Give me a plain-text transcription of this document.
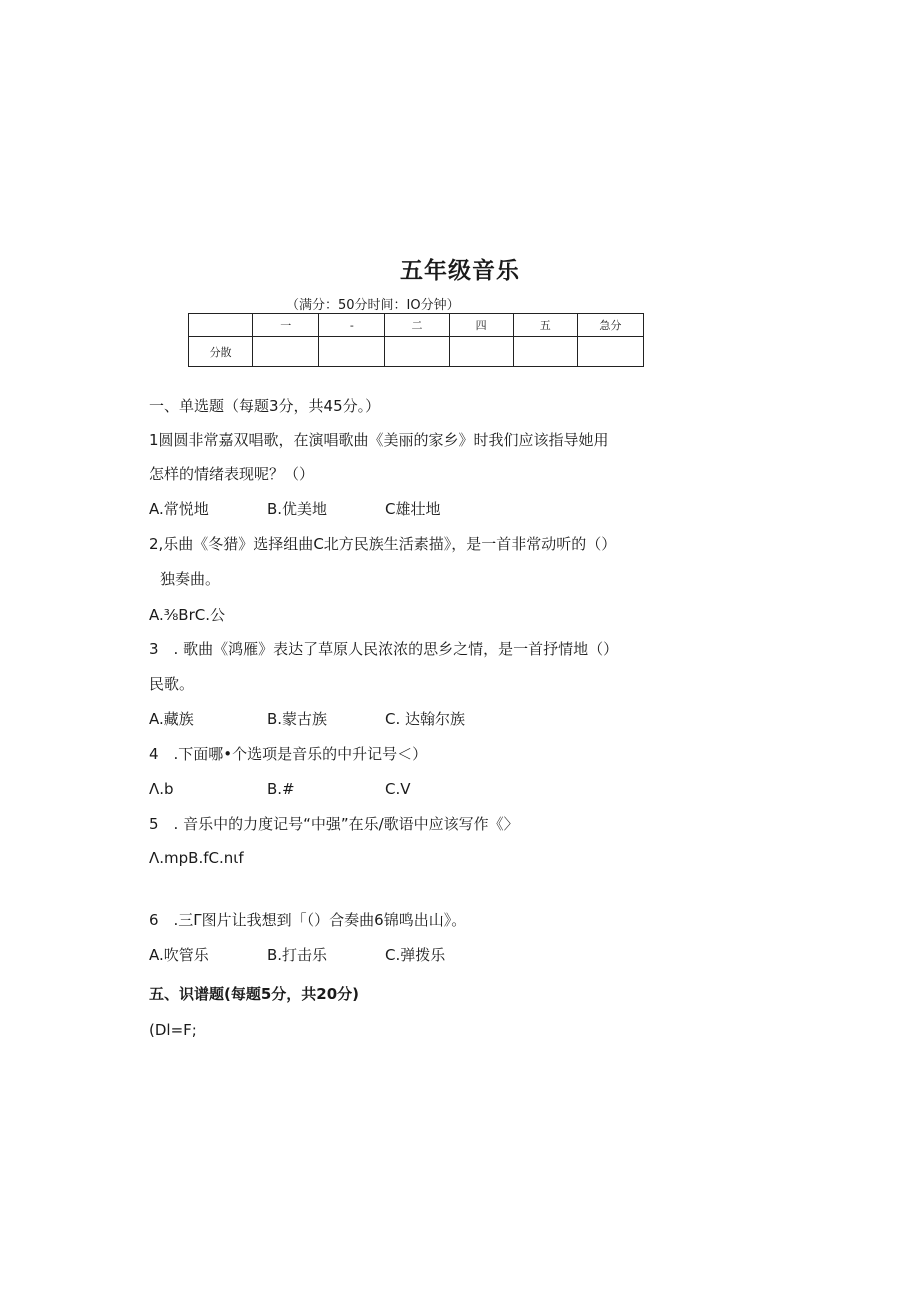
五年级音乐
（满分：50分时间：IO分钟）
	一	-	二	四	五	急分
分散						
一、单选题（每题3分，共45分。）
1圆圆非常嘉双唱歌，在演唱歌曲《美丽的家乡》时我们应该指导她用
怎样的情绪表现呢？（）
A.常悦地	B.优美地	C雄壮地
2,乐曲《冬猎》选择组曲C北方民族生活素描》，是一首非常动听的（）
独奏曲。
A.⅜BrC.公
3　. 歌曲《鸿雁》表达了草原人民浓浓的思乡之情，是一首抒情地（）
民歌。
A.藏族	B.蒙古族	C. 达翰尔族
4　.下面哪•个选项是音乐的中升记号＜）
Λ.b	B.#	C.V
5　. 音乐中的力度记号“中强”在乐/歌语中应该写作《〉
Λ.mpB.fC.nιf
6　.三Γ图片让我想到「（）合奏曲6锦鸣出山》。
A.吹管乐	B.打击乐	C.弹拨乐
五、识谱题(每题5分，共20分)
(Dl=F;
